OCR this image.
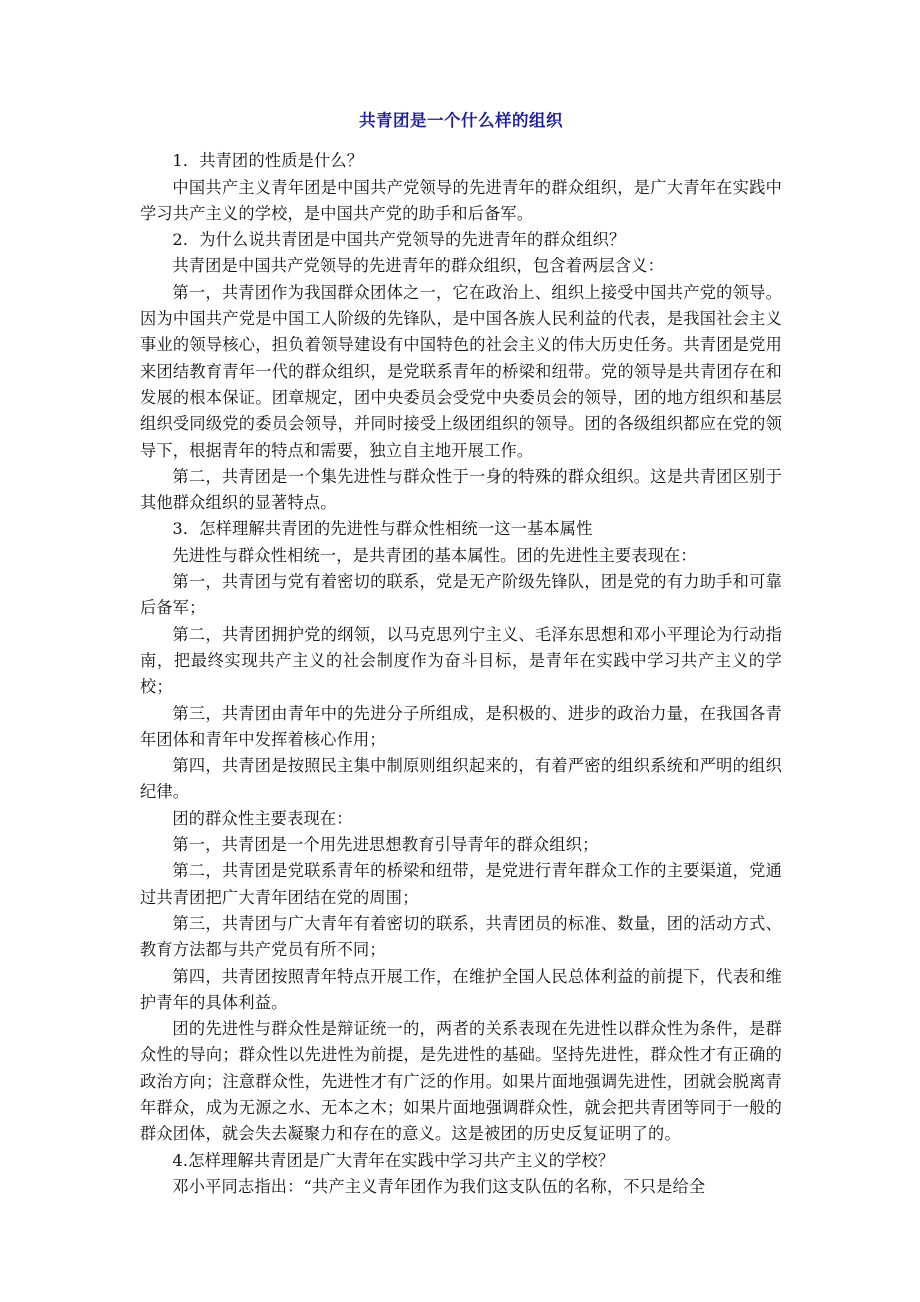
共青团是一个什么样的组织

1．共青团的性质是什么？

中国共产主义青年团是中国共产党领导的先进青年的群众组织，是广大青年在实践中学习共产主义的学校，是中国共产党的助手和后备军。

2．为什么说共青团是中国共产党领导的先进青年的群众组织？

共青团是中国共产党领导的先进青年的群众组织，包含着两层含义：

第一，共青团作为我国群众团体之一，它在政治上、组织上接受中国共产党的领导。因为中国共产党是中国工人阶级的先锋队，是中国各族人民利益的代表，是我国社会主义事业的领导核心，担负着领导建设有中国特色的社会主义的伟大历史任务。共青团是党用来团结教育青年一代的群众组织，是党联系青年的桥梁和纽带。党的领导是共青团存在和发展的根本保证。团章规定，团中央委员会受党中央委员会的领导，团的地方组织和基层组织受同级党的委员会领导，并同时接受上级团组织的领导。团的各级组织都应在党的领导下，根据青年的特点和需要，独立自主地开展工作。

第二，共青团是一个集先进性与群众性于一身的特殊的群众组织。这是共青团区别于其他群众组织的显著特点。

3．怎样理解共青团的先进性与群众性相统一这一基本属性

先进性与群众性相统一，是共青团的基本属性。团的先进性主要表现在：

第一，共青团与党有着密切的联系，党是无产阶级先锋队，团是党的有力助手和可靠后备军；

第二，共青团拥护党的纲领，以马克思列宁主义、毛泽东思想和邓小平理论为行动指南，把最终实现共产主义的社会制度作为奋斗目标，是青年在实践中学习共产主义的学校；

第三，共青团由青年中的先进分子所组成，是积极的、进步的政治力量，在我国各青年团体和青年中发挥着核心作用；

第四，共青团是按照民主集中制原则组织起来的，有着严密的组织系统和严明的组织纪律。

团的群众性主要表现在：

第一，共青团是一个用先进思想教育引导青年的群众组织；

第二，共青团是党联系青年的桥梁和纽带，是党进行青年群众工作的主要渠道，党通过共青团把广大青年团结在党的周围；

第三，共青团与广大青年有着密切的联系，共青团员的标准、数量，团的活动方式、教育方法都与共产党员有所不同；

第四，共青团按照青年特点开展工作，在维护全国人民总体利益的前提下，代表和维护青年的具体利益。

团的先进性与群众性是辩证统一的，两者的关系表现在先进性以群众性为条件，是群众性的导向；群众性以先进性为前提，是先进性的基础。坚持先进性，群众性才有正确的政治方向；注意群众性，先进性才有广泛的作用。如果片面地强调先进性，团就会脱离青年群众，成为无源之水、无本之木；如果片面地强调群众性，就会把共青团等同于一般的群众团体，就会失去凝聚力和存在的意义。这是被团的历史反复证明了的。

4.怎样理解共青团是广大青年在实践中学习共产主义的学校？

邓小平同志指出：“共产主义青年团作为我们这支队伍的名称，不只是给全
